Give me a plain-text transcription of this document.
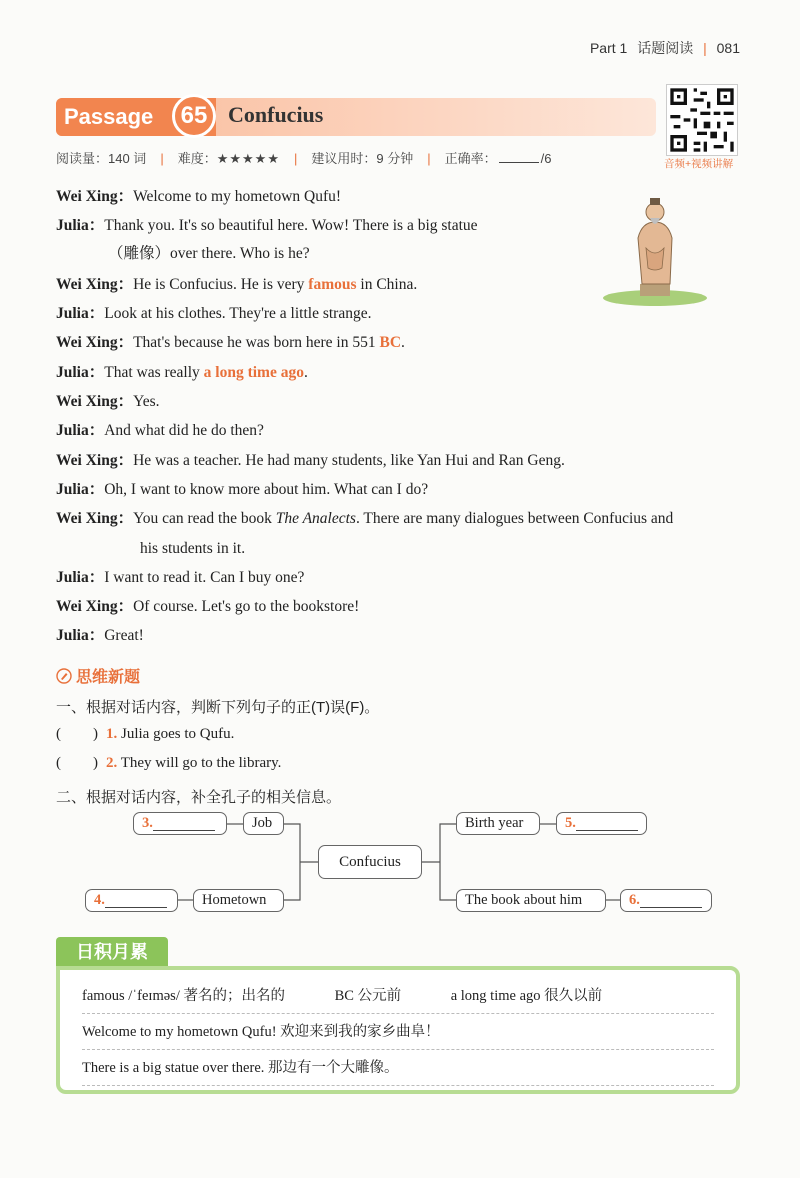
Part 1 话题阅读 | 081
Passage	65 Confucius
音频+视频讲解
阅读量：140 词 | 难度：★★★★★ | 建议用时：9 分钟 | 正确率：	/6
Wei Xing：Welcome to my hometown Qufu!
Julia：Thank you. It's so beautiful here. Wow! There is a big statue
（雕像）over there. Who is he?
Wei Xing：He is Confucius. He is very famous in China.
Julia：Look at his clothes. They're a little strange.
Wei Xing：That's because he was born here in 551 BC.
Julia：That was really a long time ago.
Wei Xing：Yes.
Julia：And what did he do then?
Wei Xing：He was a teacher. He had many students, like Yan Hui and Ran Geng.
Julia：Oh, I want to know more about him. What can I do?
Wei Xing：You can read the book The Analects. There are many dialogues between Confucius and
his students in it.
Julia：I want to read it. Can I buy one?
Wei Xing：Of course. Let's go to the bookstore!
Julia：Great!
思维新题
一、根据对话内容，判断下列句子的正(T)误(F)。
( ) 1. Julia goes to Qufu.
( ) 2. They will go to the library.
二、根据对话内容，补全孔子的相关信息。
3.	Job
Confucius
4.	Hometown
Birth year	5.
The book about him	6.
日积月累
famous /ˈfeɪməs/ 著名的；出名的	BC 公元前	a long time ago 很久以前
Welcome to my hometown Qufu! 欢迎来到我的家乡曲阜！
There is a big statue over there. 那边有一个大雕像。
